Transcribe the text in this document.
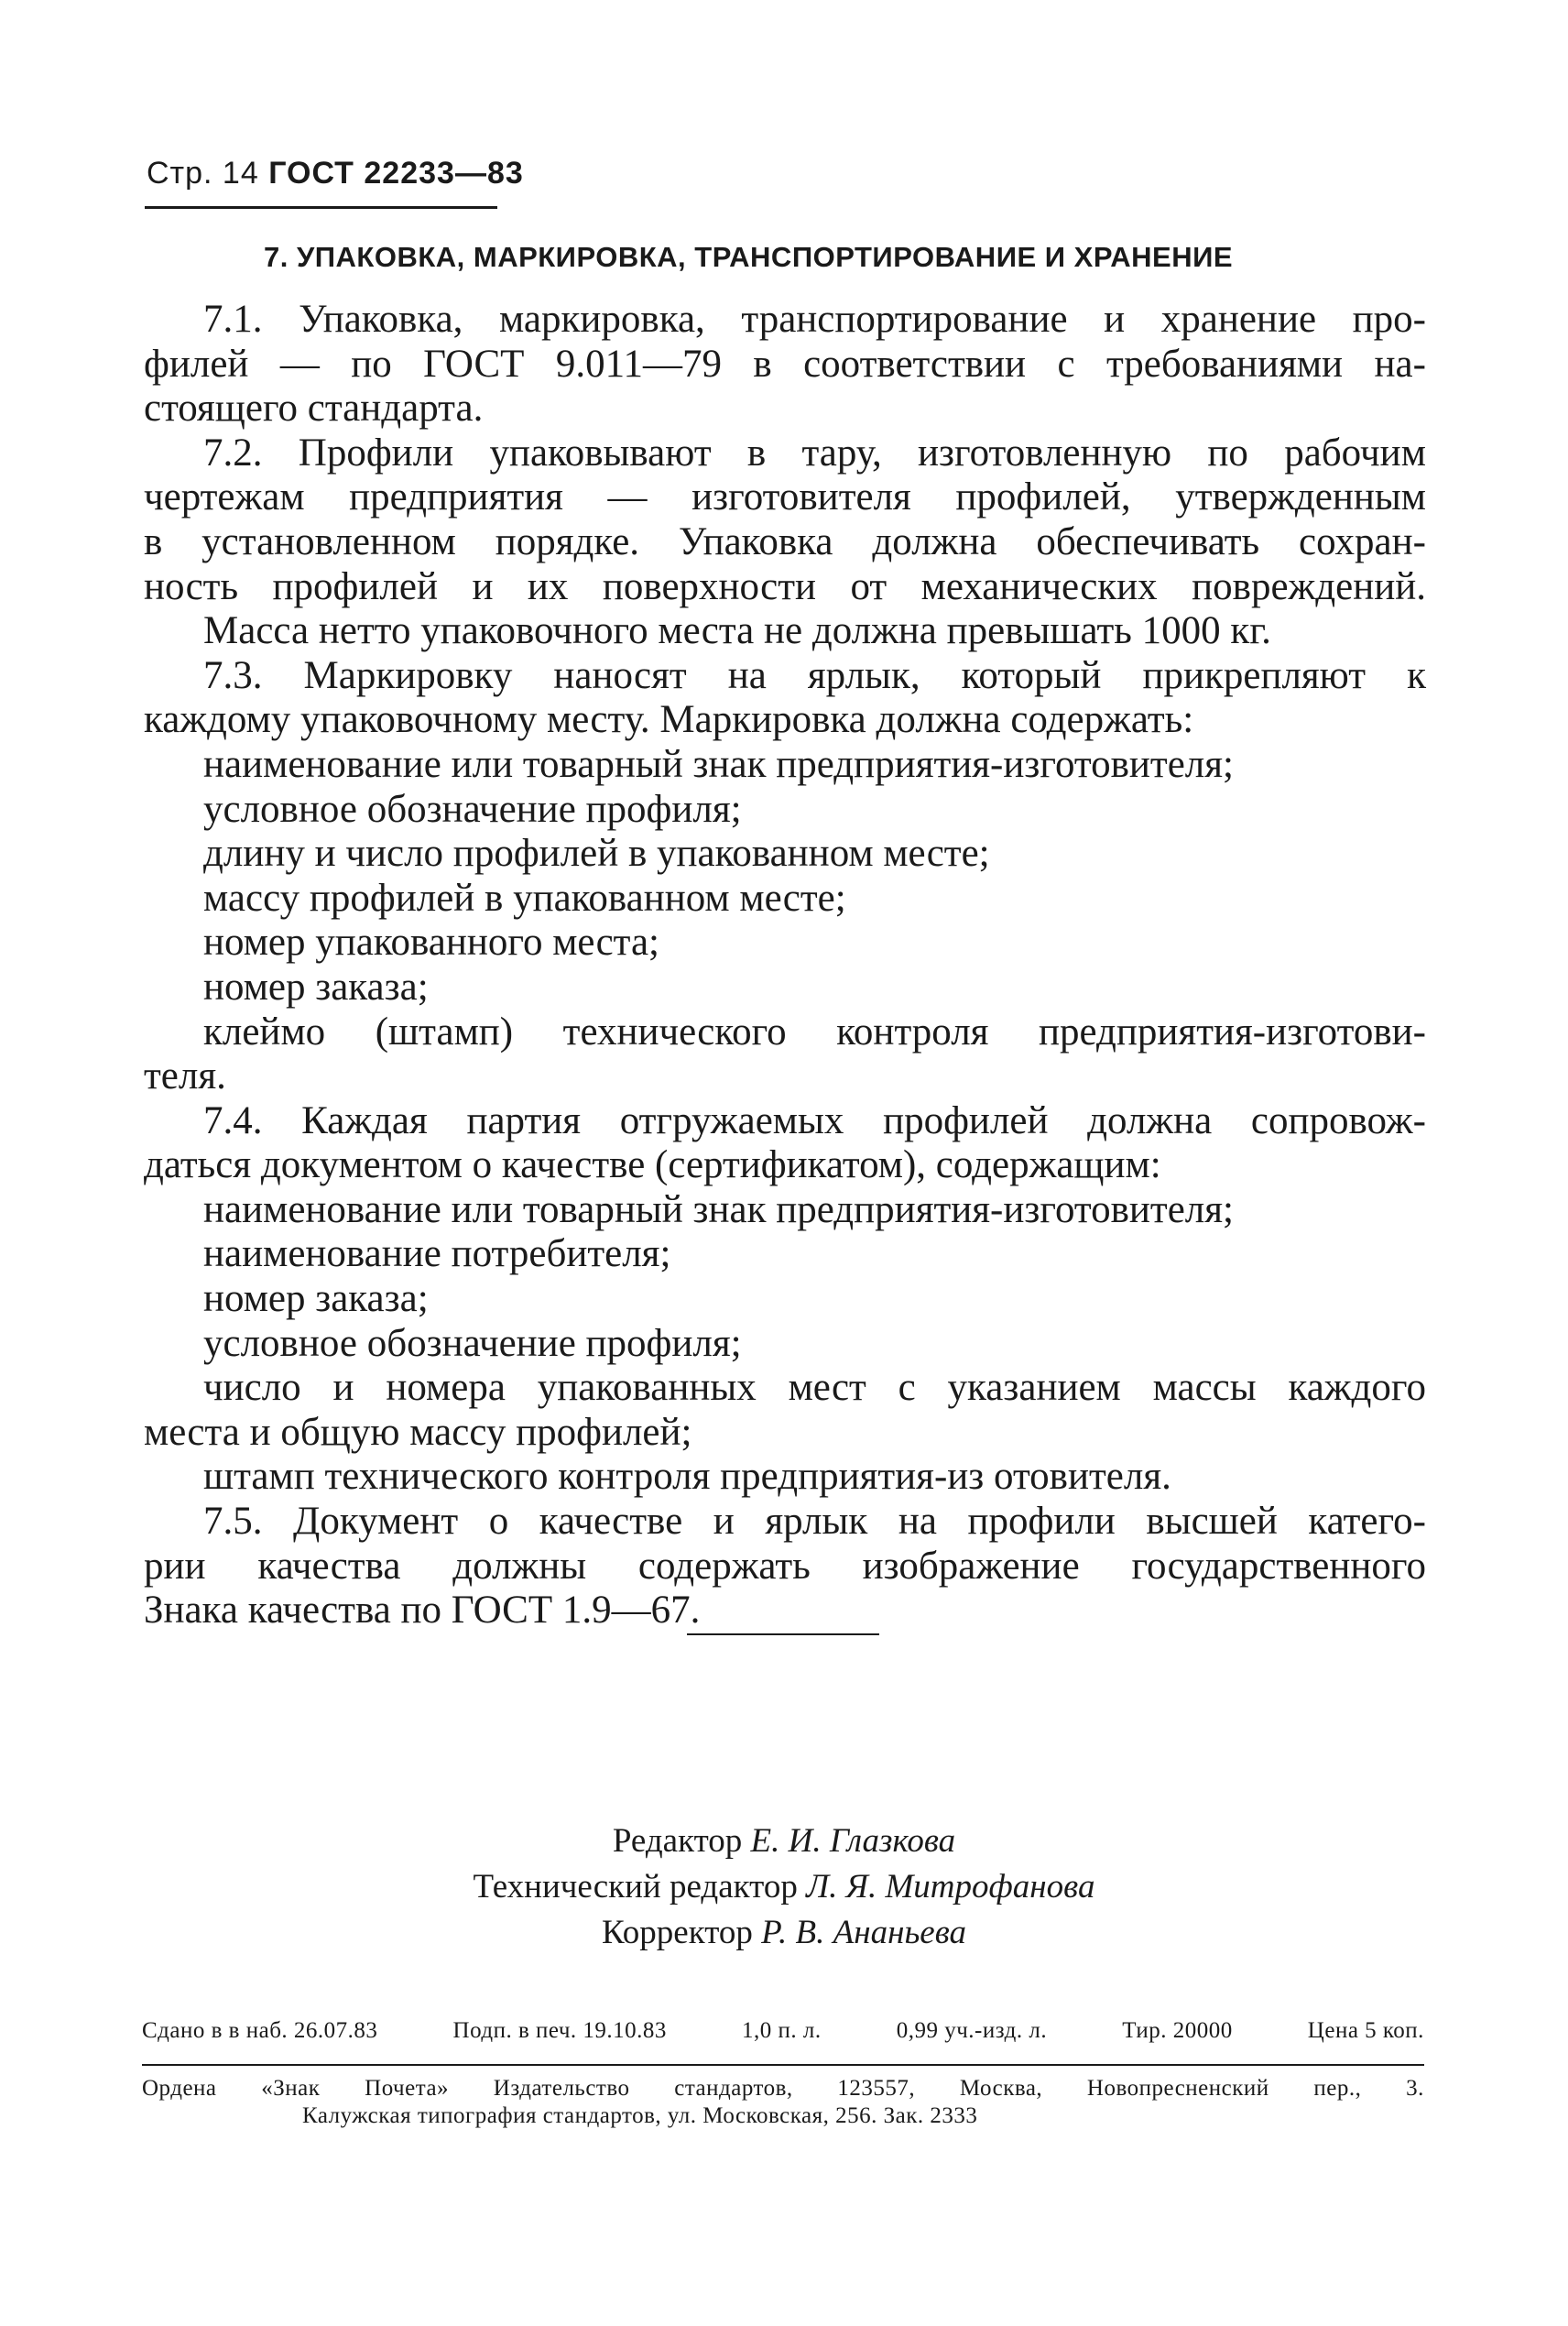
Стр. 14 ГОСТ 22233—83
7. УПАКОВКА, МАРКИРОВКА, ТРАНСПОРТИРОВАНИЕ И ХРАНЕНИЕ
7.1. Упаковка, маркировка, транспортирование и хранение про-
филей — по ГОСТ 9.011—79 в соответствии с требованиями на-
стоящего стандарта.
7.2. Профили упаковывают в тару, изготовленную по рабочим
чертежам предприятия — изготовителя профилей, утвержденным
в установленном порядке. Упаковка должна обеспечивать сохран-
ность профилей и их поверхности от механических повреждений.
Масса нетто упаковочного места не должна превышать 1000 кг.
7.3. Маркировку наносят на ярлык, который прикрепляют к
каждому упаковочному месту. Маркировка должна содержать:
наименование или товарный знак предприятия-изготовителя;
условное обозначение профиля;
длину и число профилей в упакованном месте;
массу профилей в упакованном месте;
номер упакованного места;
номер заказа;
клеймо (штамп) технического контроля предприятия-изготови-
теля.
7.4. Каждая партия отгружаемых профилей должна сопровож-
даться документом о качестве (сертификатом), содержащим:
наименование или товарный знак предприятия-изготовителя;
наименование потребителя;
номер заказа;
условное обозначение профиля;
число и номера упакованных мест с указанием массы каждого
места и общую массу профилей;
штамп технического контроля предприятия-из отовителя.
7.5. Документ о качестве и ярлык на профили высшей катего-
рии качества должны содержать изображение государственного
Знака качества по ГОСТ 1.9—67.
Редактор Е. И. Глазкова
Технический редактор Л. Я. Митрофанова
Корректор Р. В. Ананьева
Сдано в в наб. 26.07.83	Подп. в печ. 19.10.83	1,0 п. л.	0,99 уч.-изд. л.	Тир. 20000	Цена 5 коп.
Ордена «Знак Почета» Издательство стандартов, 123557, Москва, Новопресненский пер., 3.
Калужская типография стандартов, ул. Московская, 256. Зак. 2333
